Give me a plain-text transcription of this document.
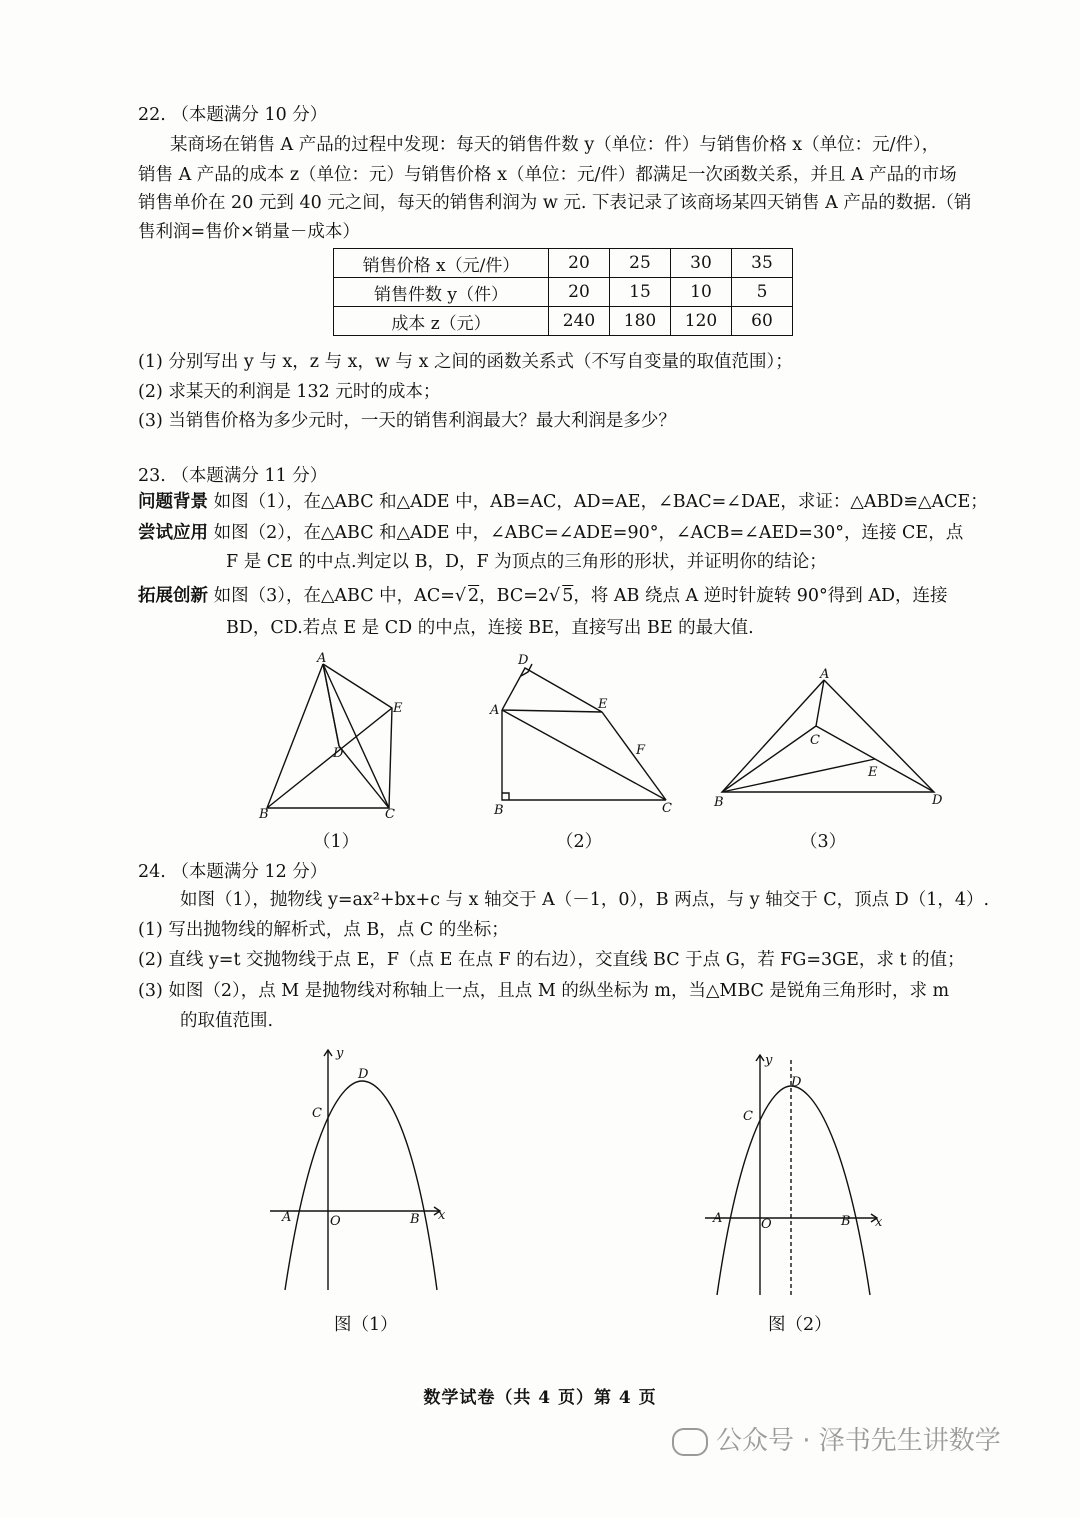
22. （本题满分 10 分）
某商场在销售 A 产品的过程中发现：每天的销售件数 y（单位：件）与销售价格 x（单位：元/件），
销售 A 产品的成本 z（单位：元）与销售价格 x（单位：元/件）都满足一次函数关系，并且 A 产品的市场
销售单价在 20 元到 40 元之间，每天的销售利润为 w 元. 下表记录了该商场某四天销售 A 产品的数据.（销
售利润=售价×销量－成本）
销售价格 x（元/件）	20	25	30	35
销售件数 y（件）	20	15	10	5
成本 z（元）	240	180	120	60
(1) 分别写出 y 与 x，z 与 x，w 与 x 之间的函数关系式（不写自变量的取值范围）；
(2) 求某天的利润是 132 元时的成本；
(3) 当销售价格为多少元时，一天的销售利润最大？最大利润是多少？
23. （本题满分 11 分）
问题背景 如图（1），在△ABC 和△ADE 中，AB=AC，AD=AE，∠BAC=∠DAE，求证：△ABD≌△ACE；
尝试应用 如图（2），在△ABC 和△ADE 中，∠ABC=∠ADE=90°，∠ACB=∠AED=30°，连接 CE，点
F 是 CE 的中点.判定以 B，D，F 为顶点的三角形的形状，并证明你的结论；
拓展创新 如图（3），在△ABC 中，AC=√ 2，BC=2√ 5，将 AB 绕点 A 逆时针旋转 90°得到 AD，连接
BD，CD.若点 E 是 CD 的中点，连接 BE，直接写出 BE 的最大值.
A
B	C
D
E
（1）
D
A	E
F
B	C
（2）
A
C
E
B	D
（3）
24. （本题满分 12 分）
如图（1），抛物线 y=ax²+bx+c 与 x 轴交于 A（－1，0），B 两点，与 y 轴交于 C，顶点 D（1，4）.
(1) 写出抛物线的解析式，点 B，点 C 的坐标；
(2) 直线 y=t 交抛物线于点 E，F（点 E 在点 F 的右边），交直线 BC 于点 G，若 FG=3GE，求 t 的值；
(3) 如图（2），点 M 是抛物线对称轴上一点，且点 M 的纵坐标为 m，当△MBC 是锐角三角形时，求 m
的取值范围.
y
D
C
A	O	B x
图（1）
y
D
C
A	O	B x
图（2）
数学试卷（共 4 页）第 4 页
公众号 · 泽书先生讲数学
